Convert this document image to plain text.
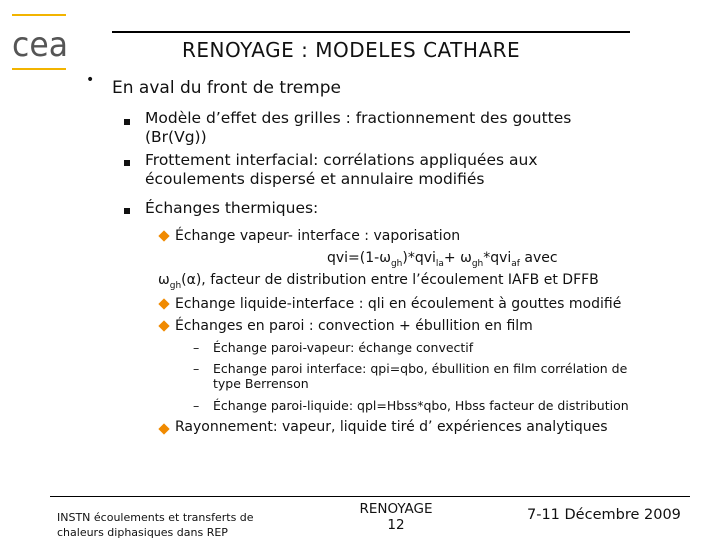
cea	RENOYAGE : MODELES CATHARE
• En aval du front de trempe
Modèle d’effet des grilles : fractionnement des gouttes
(Br(Vg))
Frottement interfacial: corrélations appliquées aux
écoulements dispersé et annulaire modifiés
Échanges thermiques:
Échange vapeur- interface : vaporisation
$qvi=(1-\omega_{gh})*qvi_{la}+ \omega_{gh}*qvi_{af}$ avec
$\omega_{gh}(\alpha)$, facteur de distribution entre l’écoulement IAFB et DFFB
Echange liquide-interface : qli en écoulement à gouttes modifié
Échanges en paroi : convection + ébullition en film
– Échange paroi-vapeur: échange convectif
– Echange paroi interface: qpi=qbo, ébullition en film corrélation de
type Berrenson
– Échange paroi-liquide: qpl=Hbss*qbo, Hbss facteur de distribution
Rayonnement: vapeur, liquide tiré d’ expériences analytiques
INSTN écoulements et transferts de
chaleurs diphasiques dans REP
RENOYAGE
12
7-11 Décembre 2009
